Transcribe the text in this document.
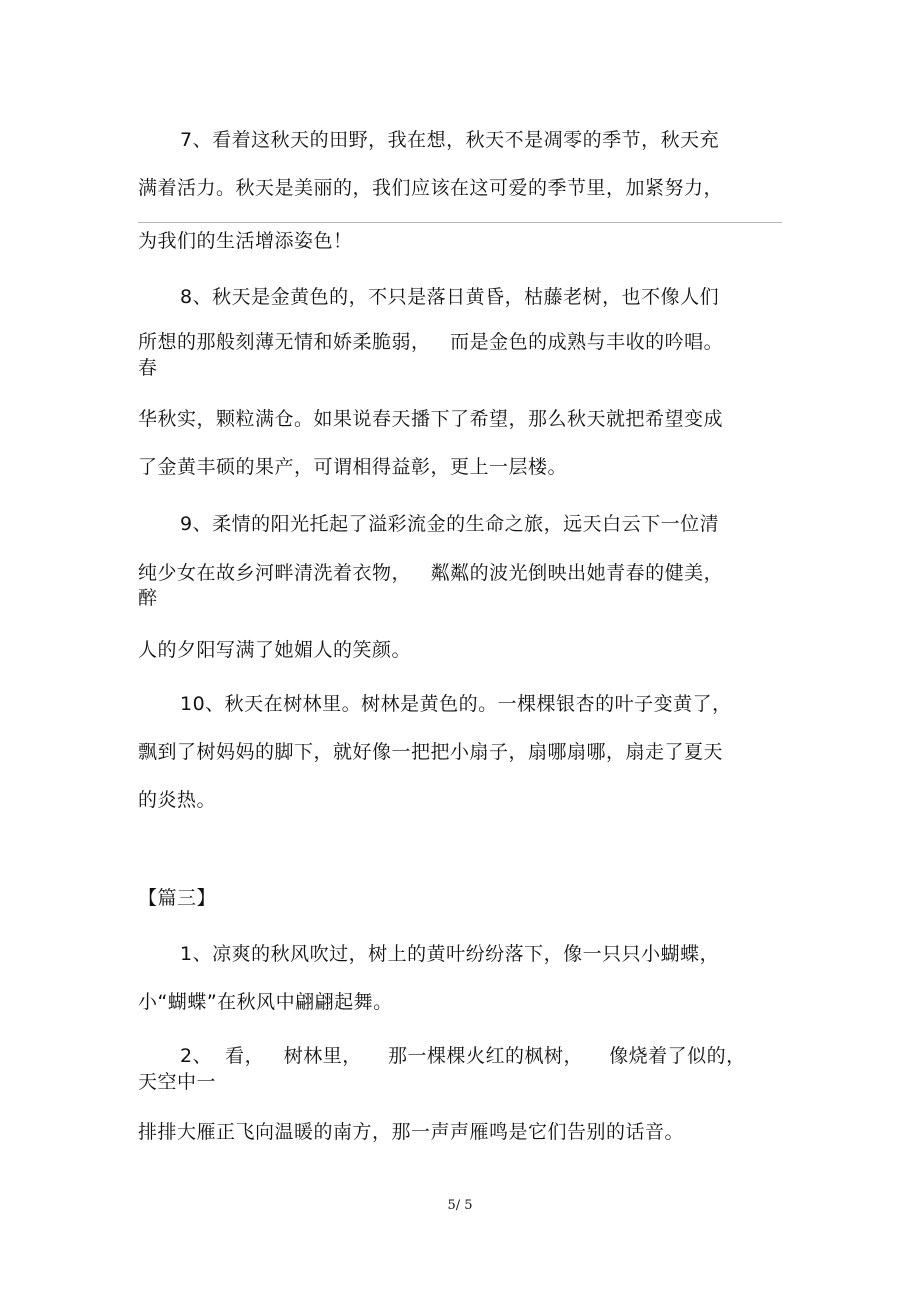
7、看着这秋天的田野，我在想，秋天不是凋零的季节，秋天充
满着活力。秋天是美丽的，我们应该在这可爱的季节里，加紧努力，
为我们的生活增添姿色！
8、秋天是金黄色的，不只是落日黄昏，枯藤老树，也不像人们
所想的那般刻薄无情和娇柔脆弱，   而是金色的成熟与丰收的吟唱。
春
华秋实，颗粒满仓。如果说春天播下了希望，那么秋天就把希望变成
了金黄丰硕的果产，可谓相得益彰，更上一层楼。
9、柔情的阳光托起了溢彩流金的生命之旅，远天白云下一位清
纯少女在故乡河畔清洗着衣物，   粼粼的波光倒映出她青春的健美，
醉
人的夕阳写满了她媚人的笑颜。
10、秋天在树林里。树林是黄色的。一棵棵银杏的叶子变黄了，
飘到了树妈妈的脚下，就好像一把把小扇子，扇哪扇哪，扇走了夏天
的炎热。
【篇三】
1、凉爽的秋风吹过，树上的黄叶纷纷落下，像一只只小蝴蝶，
小“蝴蝶”在秋风中翩翩起舞。
2、  看，   树林里，    那一棵棵火红的枫树，    像烧着了似的，
天空中一
排排大雁正飞向温暖的南方，那一声声雁鸣是它们告别的话音。
5/ 5
